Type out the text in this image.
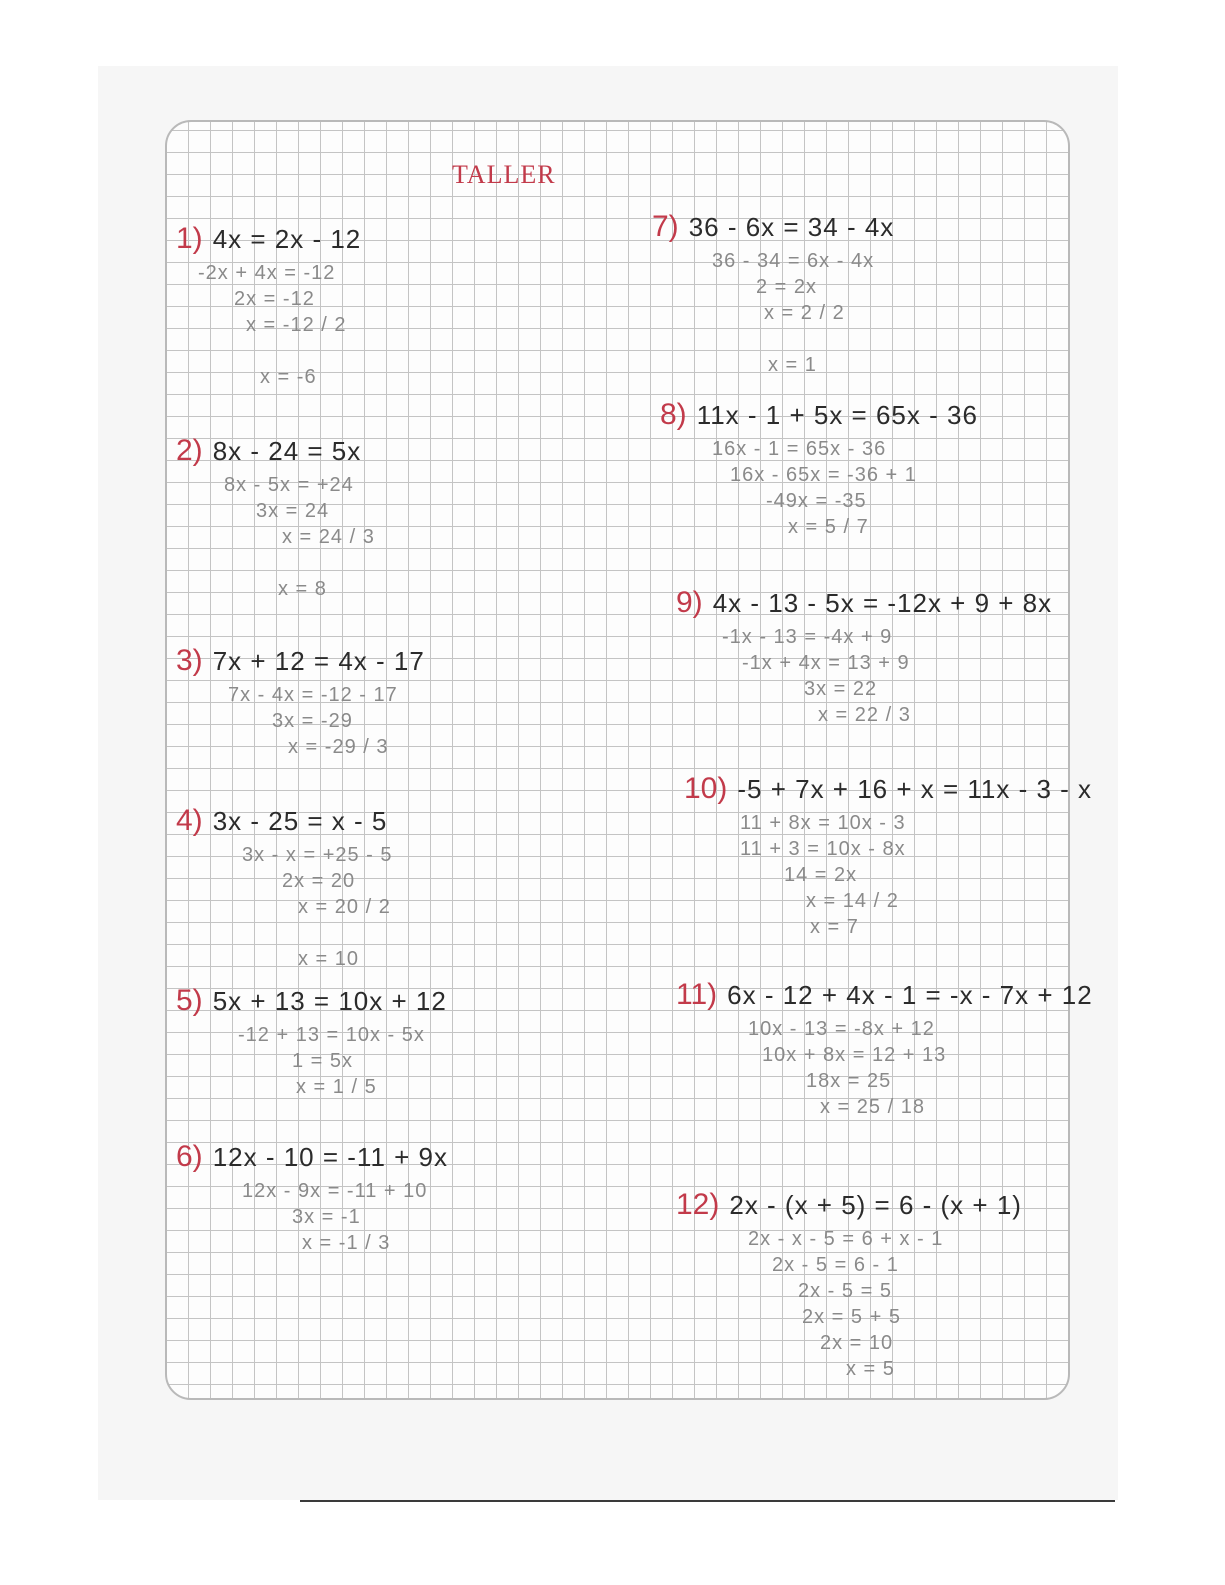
TALLER
1) 4x = 2x - 12
-2x + 4x = -12
2x = -12
x = -12 / 2
x = -6
2) 8x - 24 = 5x
8x - 5x = +24
3x = 24
x = 24 / 3
x = 8
3) 7x + 12 = 4x - 17
7x - 4x = -12 - 17
3x = -29
x = -29 / 3
4) 3x - 25 = x - 5
3x - x = +25 - 5
2x = 20
x = 20 / 2
x = 10
5) 5x + 13 = 10x + 12
-12 + 13 = 10x - 5x
1 = 5x
x = 1 / 5
6) 12x - 10 = -11 + 9x
12x - 9x = -11 + 10
3x = -1
x = -1 / 3
7) 36 - 6x = 34 - 4x
36 - 34 = 6x - 4x
2 = 2x
x = 2 / 2
x = 1
8) 11x - 1 + 5x = 65x - 36
16x - 1 = 65x - 36
16x - 65x = -36 + 1
-49x = -35
x = 5 / 7
9) 4x - 13 - 5x = -12x + 9 + 8x
-1x - 13 = -4x + 9
-1x + 4x = 13 + 9
3x = 22
x = 22 / 3
10) -5 + 7x + 16 + x = 11x - 3 - x
11 + 8x = 10x - 3
11 + 3 = 10x - 8x
14 = 2x
x = 14 / 2
x = 7
11) 6x - 12 + 4x - 1 = -x - 7x + 12
10x - 13 = -8x + 12
10x + 8x = 12 + 13
18x = 25
x = 25 / 18
12) 2x - (x + 5) = 6 - (x + 1)
2x - x - 5 = 6 + x - 1
2x - 5 = 6 - 1
2x - 5 = 5
2x = 5 + 5
2x = 10
x = 5
